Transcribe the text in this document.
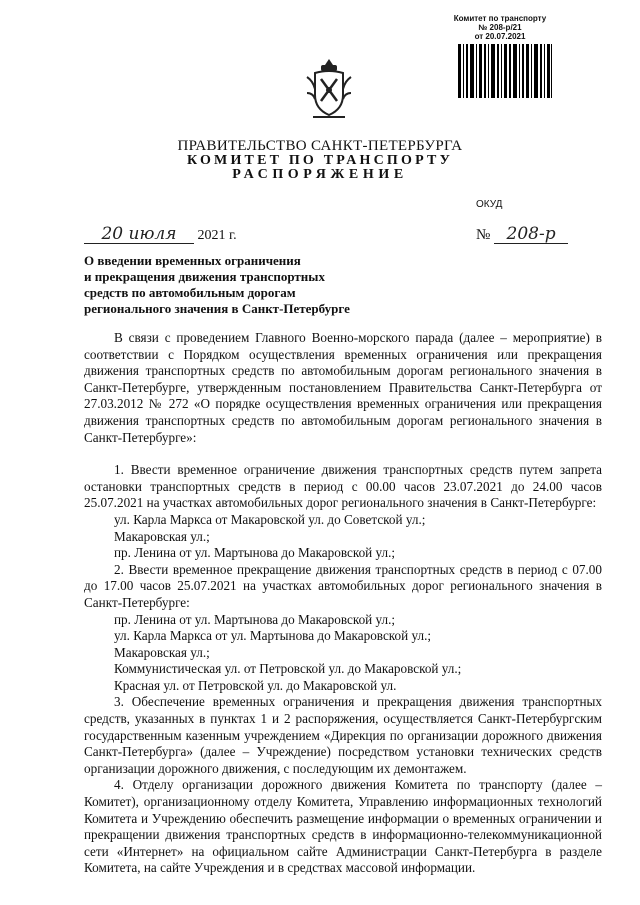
Комитет по транспорту
№ 208-р/21
от 20.07.2021
ПРАВИТЕЛЬСТВО САНКТ-ПЕТЕРБУРГА
КОМИТЕТ ПО ТРАНСПОРТУ
РАСПОРЯЖЕНИЕ
ОКУД
20 июля 2021 г.	№ 208-р
О введении временных ограничения
и прекращения движения транспортных
средств по автомобильным дорогам
регионального значения в Санкт-Петербурге

В связи с проведением Главного Военно-морского парада (далее – мероприятие) в соответствии с Порядком осуществления временных ограничения или прекращения движения транспортных средств по автомобильным дорогам регионального значения в Санкт-Петербурге, утвержденным постановлением Правительства Санкт-Петербурга от 27.03.2012 № 272 «О порядке осуществления временных ограничения или прекращения движения транспортных средств по автомобильным дорогам регионального значения в Санкт-Петербурге»:

1. Ввести временное ограничение движения транспортных средств путем запрета остановки транспортных средств в период с 00.00 часов 23.07.2021 до 24.00 часов 25.07.2021 на участках автомобильных дорог регионального значения в Санкт-Петербурге:

ул. Карла Маркса от Макаровской ул. до Советской ул.;

Макаровская ул.;

пр. Ленина от ул. Мартынова до Макаровской ул.;

2. Ввести временное прекращение движения транспортных средств в период с 07.00 до 17.00 часов 25.07.2021 на участках автомобильных дорог регионального значения в Санкт-Петербурге:

пр. Ленина от ул. Мартынова до Макаровской ул.;

ул. Карла Маркса от ул. Мартынова до Макаровской ул.;

Макаровская ул.;

Коммунистическая ул. от Петровской ул. до Макаровской ул.;

Красная ул. от Петровской ул. до Макаровской ул.

3. Обеспечение временных ограничения и прекращения движения транспортных средств, указанных в пунктах 1 и 2 распоряжения, осуществляется Санкт-Петербургским государственным казенным учреждением «Дирекция по организации дорожного движения Санкт-Петербурга» (далее – Учреждение) посредством установки технических средств организации дорожного движения, с последующим их демонтажем.

4. Отделу организации дорожного движения Комитета по транспорту (далее – Комитет), организационному отделу Комитета, Управлению информационных технологий Комитета и Учреждению обеспечить размещение информации о временных ограничении и прекращении движения транспортных средств в информационно-телекоммуникационной сети «Интернет» на официальном сайте Администрации Санкт-Петербурга в разделе Комитета, на сайте Учреждения и в средствах массовой информации.
